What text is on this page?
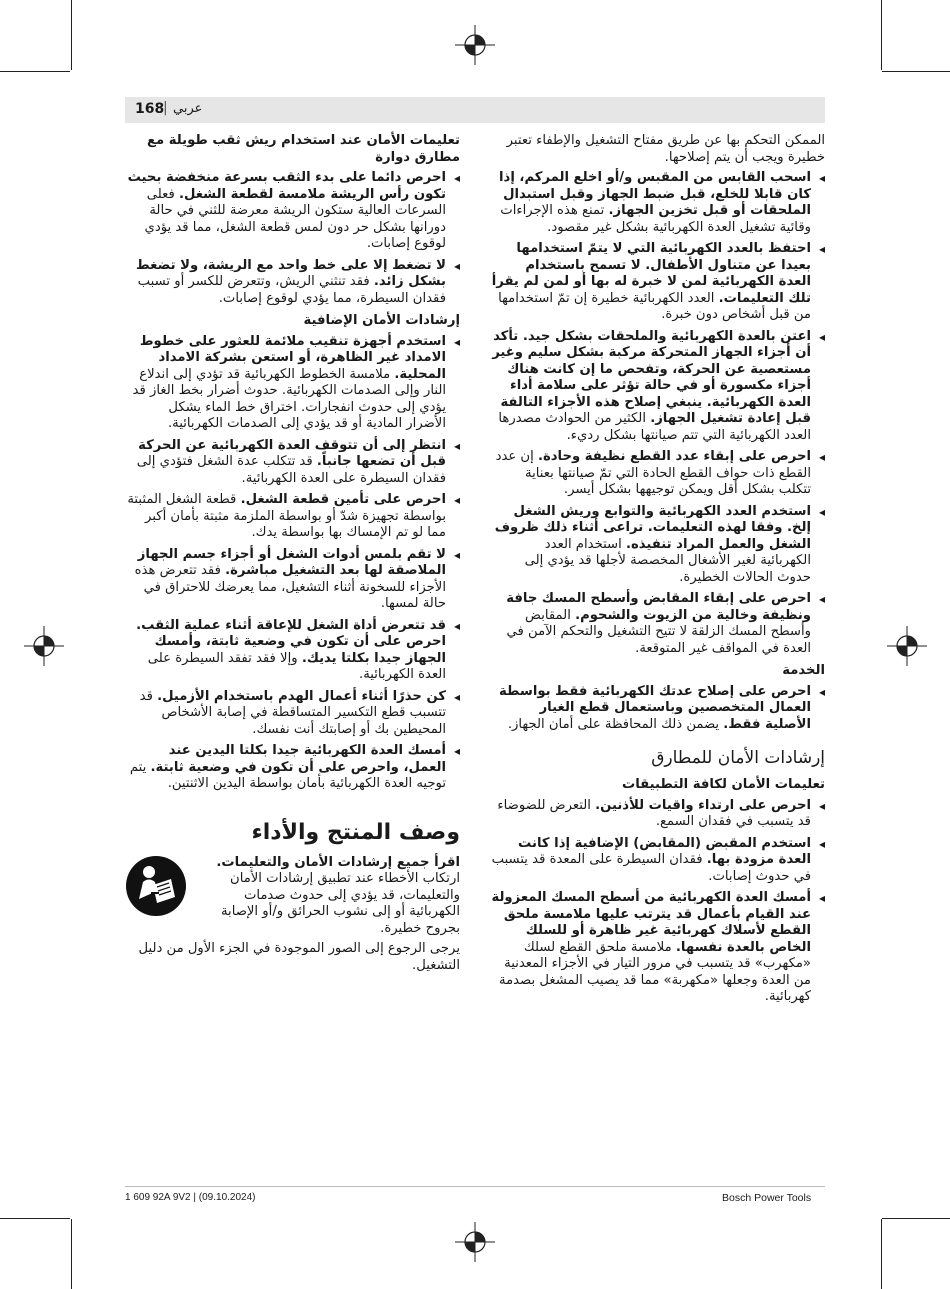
168
| عربي

الممكن التحكم بها عن طريق مفتاح التشغيل والإطفاء تعتبر خطيرة ويجب أن يتم إصلاحها.

◂ اسحب القابس من المقبس و/أو اخلع المركم، إذا كان قابلا للخلع، قبل ضبط الجهاز وقبل استبدال الملحقات أو قبل تخزين الجهاز. تمنع هذه الإجراءات وقائية تشغيل العدة الكهربائية بشكل غير مقصود.
◂ احتفظ بالعدد الكهربائية التي لا يتمّ استخدامها بعيدا عن متناول الأطفال. لا تسمح باستخدام العدة الكهربائية لمن لا خبرة له بها أو لمن لم يقرأ تلك التعليمات. العدد الكهربائية خطيرة إن تمّ استخدامها من قبل أشخاص دون خبرة.
◂ اعتن بالعدة الكهربائية والملحقات بشكل جيد. تأكد أن أجزاء الجهاز المتحركة مركبة بشكل سليم وغير مستعصية عن الحركة، وتفحص ما إن كانت هناك أجزاء مكسورة أو في حالة تؤثر على سلامة أداء العدة الكهربائية. ينبغي إصلاح هذه الأجزاء التالفة قبل إعادة تشغيل الجهاز. الكثير من الحوادث مصدرها العدد الكهربائية التي تتم صيانتها بشكل رديء.
◂ احرص على إبقاء عدد القطع نظيفة وحادة. إن عدد القطع ذات حواف القطع الحادة التي تمّ صيانتها بعناية تتكلب بشكل أقل ويمكن توجيهها بشكل أيسر.
◂ استخدم العدد الكهربائية والتوابع وريش الشغل إلخ. وفقا لهذه التعليمات. تراعى أثناء ذلك ظروف الشغل والعمل المراد تنفيذه. استخدام العدد الكهربائية لغير الأشغال المخصصة لأجلها قد يؤدي إلى حدوث الحالات الخطيرة.
◂ احرص على إبقاء المقابض وأسطح المسك جافة ونظيفة وخالية من الزيوت والشحوم. المقابض وأسطح المسك الزلقة لا تتيح التشغيل والتحكم الآمن في العدة في المواقف غير المتوقعة.
الخدمة
◂ احرص على إصلاح عدتك الكهربائية فقط بواسطة العمال المتخصصين وباستعمال قطع الغيار الأصلية فقط. يضمن ذلك المحافظة على أمان الجهاز.
إرشادات الأمان للمطارق
تعليمات الأمان لكافة التطبيقات
◂ احرص على ارتداء واقيات للأذنين. التعرض للضوضاء قد يتسبب في فقدان السمع.
◂ استخدم المقبض (المقابض) الإضافية إذا كانت العدة مزودة بها. فقدان السيطرة على المعدة قد يتسبب في حدوث إصابات.
◂ أمسك العدة الكهربائية من أسطح المسك المعزولة عند القيام بأعمال قد يترتب عليها ملامسة ملحق القطع لأسلاك كهربائية غير ظاهرة أو للسلك الخاص بالعدة نفسها. ملامسة ملحق القطع لسلك «مكهرب» قد يتسبب في مرور التيار في الأجزاء المعدنية من العدة وجعلها «مكهربة» مما قد يصيب المشغل بصدمة كهربائية.
تعليمات الأمان عند استخدام ريش ثقب طويلة مع مطارق دوارة
◂ احرص دائما على بدء الثقب بسرعة منخفضة بحيث تكون رأس الريشة ملامسة لقطعة الشغل. فعلى السرعات العالية ستكون الريشة معرضة للثني في حالة دورانها بشكل حر دون لمس قطعة الشغل، مما قد يؤدي لوقوع إصابات.
◂ لا تضغط إلا على خط واحد مع الريشة، ولا تضغط بشكل زائد. فقد تنثني الريش، وتتعرض للكسر أو تسبب فقدان السيطرة، مما يؤدي لوقوع إصابات.
إرشادات الأمان الإضافية
◂ استخدم أجهزة تنقيب ملائمة للعثور على خطوط الامداد غير الظاهرة، أو استعن بشركة الامداد المحلية. ملامسة الخطوط الكهربائية قد تؤدي إلى اندلاع النار وإلى الصدمات الكهربائية. حدوث أضرار بخط الغاز قد يؤدي إلى حدوث انفجارات. اختراق خط الماء يشكل الأضرار المادية أو قد يؤدي إلى الصدمات الكهربائية.
◂ انتظر إلى أن تتوقف العدة الكهربائية عن الحركة قبل أن تضعها جانباً. قد تتكلب عدة الشغل فتؤدي إلى فقدان السيطرة على العدة الكهربائية.
◂ احرص على تأمين قطعة الشغل. قطعة الشغل المثبتة بواسطة تجهيزة شدّ أو بواسطة الملزمة مثبتة بأمان أكبر مما لو تم الإمساك بها بواسطة يدك.
◂ لا تقم بلمس أدوات الشغل أو أجزاء جسم الجهاز الملاصقة لها بعد التشغيل مباشرة. فقد تتعرض هذه الأجزاء للسخونة أثناء التشغيل، مما يعرضك للاحتراق في حالة لمسها.
◂ قد تتعرض أداة الشغل للإعاقة أثناء عملية الثقب. احرص على أن تكون في وضعية ثابتة، وأمسك الجهاز جيدا بكلتا يديك. وإلا فقد تفقد السيطرة على العدة الكهربائية.
◂ كن حذرًا أثناء أعمال الهدم باستخدام الأزميل. قد تتسبب قطع التكسير المتساقطة في إصابة الأشخاص المحيطين بك أو إصابتك أنت نفسك.
◂ أمسك العدة الكهربائية جيدا بكلتا اليدين عند العمل، واحرص على أن تكون في وضعية ثابتة. يتم توجيه العدة الكهربائية بأمان بواسطة اليدين الاثنتين.
وصف المنتج والأداء
اقرأ جميع إرشادات الأمان والتعليمات. ارتكاب الأخطاء عند تطبيق إرشادات الأمان والتعليمات، قد يؤدي إلى حدوث صدمات الكهربائية أو إلى نشوب الحرائق و/أو الإصابة بجروح خطيرة.

يرجى الرجوع إلى الصور الموجودة في الجزء الأول من دليل التشغيل.

1 609 92A 9V2 | (09.10.2024)	Bosch Power Tools
